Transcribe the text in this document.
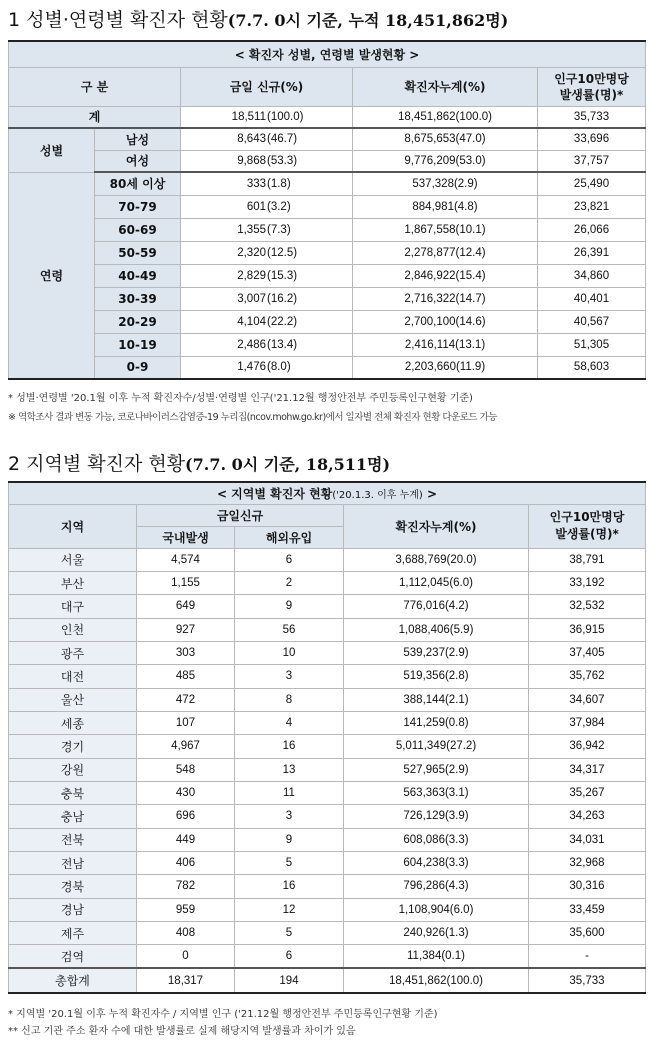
1 성별·연령별 확진자 현황(7.7. 0시 기준, 누적 18,451,862명)
< 확진자 성별, 연령별 발생현황 >				
구 분		금일 신규(%)	확진자누계(%)	인구10만명당
발생률(명)*

계		18,511 (100.0)	18,451,862(100.0)	35,733
성별	남성	8,643 (46.7)	8,675,653(47.0)	33,696
	여성	9,868 (53.3)	9,776,209(53.0)	37,757
연령	80세 이상	333 (1.8)	537,328(2.9)	25,490
	70-79	601 (3.2)	884,981(4.8)	23,821
	60-69	1,355 (7.3)	1,867,558(10.1)	26,066
	50-59	2,320 (12.5)	2,278,877(12.4)	26,391
	40-49	2,829 (15.3)	2,846,922(15.4)	34,860
	30-39	3,007 (16.2)	2,716,322(14.7)	40,401
	20-29	4,104 (22.2)	2,700,100(14.6)	40,567
	10-19	2,486 (13.4)	2,416,114(13.1)	51,305
	0-9	1,476 (8.0)	2,203,660(11.9)	58,603
* 성별·연령별 '20.1월 이후 누적 확진자수/성별·연령별 인구('21.12월 행정안전부 주민등록인구현황 기준)
※ 역학조사 결과 변동 가능, 코로나바이러스감염증-19 누리집(ncov.mohw.go.kr)에서 일자별 전체 확진자 현황 다운로드 가능
2 지역별 확진자 현황(7.7. 0시 기준, 18,511명)
< 지역별 확진자 현황('20.1.3. 이후 누계) >				
지역	금일신규		확진자누계(%)	인구10만명당
발생률(명)*

	국내발생	해외유입		
서울	4,574	6	3,688,769(20.0)	38,791
부산	1,155	2	1,112,045(6.0)	33,192
대구	649	9	776,016(4.2)	32,532
인천	927	56	1,088,406(5.9)	36,915
광주	303	10	539,237(2.9)	37,405
대전	485	3	519,356(2.8)	35,762
울산	472	8	388,144(2.1)	34,607
세종	107	4	141,259(0.8)	37,984
경기	4,967	16	5,011,349(27.2)	36,942
강원	548	13	527,965(2.9)	34,317
충북	430	11	563,363(3.1)	35,267
충남	696	3	726,129(3.9)	34,263
전북	449	9	608,086(3.3)	34,031
전남	406	5	604,238(3.3)	32,968
경북	782	16	796,286(4.3)	30,316
경남	959	12	1,108,904(6.0)	33,459
제주	408	5	240,926(1.3)	35,600
검역	0	6	11,384(0.1)	-
총합계	18,317	194	18,451,862(100.0)	35,733
* 지역별 '20.1월 이후 누적 확진자수 / 지역별 인구 ('21.12월 행정안전부 주민등록인구현황 기준)
** 신고 기관 주소 환자 수에 대한 발생률로 실제 해당지역 발생률과 차이가 있음
